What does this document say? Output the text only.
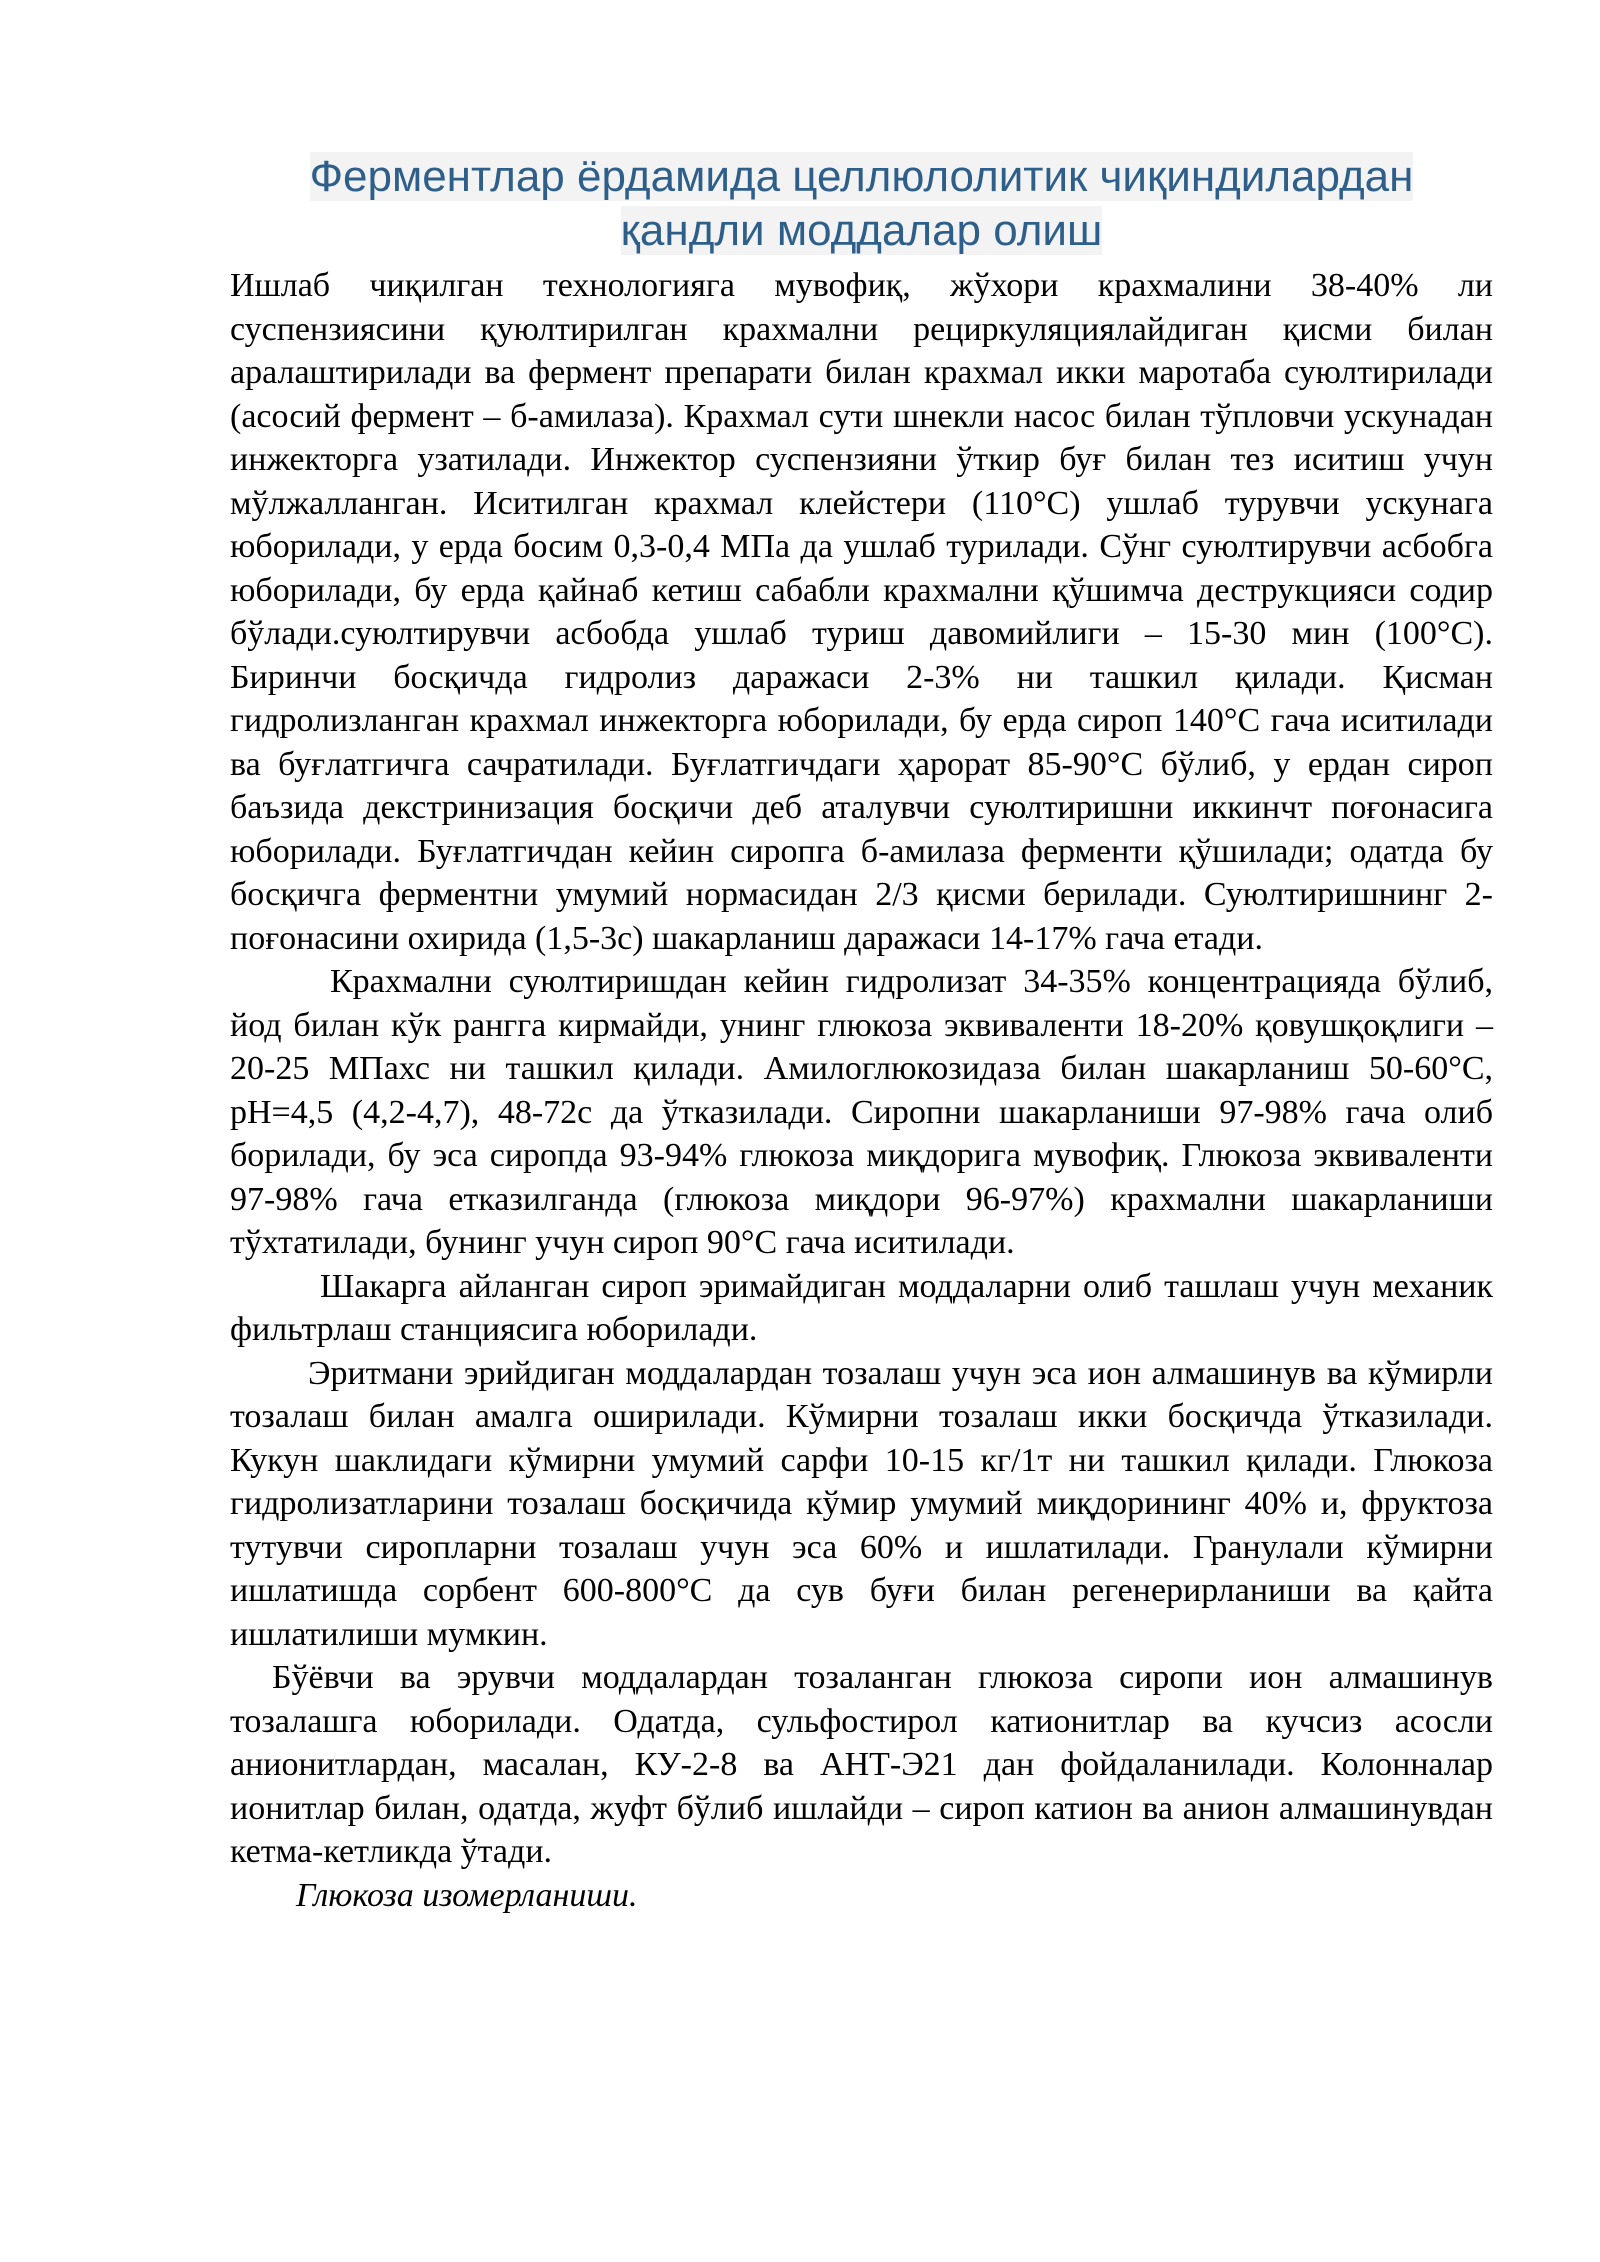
Ферментлар ёрдамида целлюлолитик чиқиндилардан
қандли моддалар олиш

Ишлаб чиқилган технологияга мувофиқ, жўхори крахмалини 38-40% ли суспензиясини қуюлтирилган крахмални рециркуляциялайдиган қисми билан аралаштирилади ва фермент препарати билан крахмал икки маротаба суюлтирилади (асосий фермент – б-амилаза). Крахмал сути шнекли насос билан тўпловчи ускунадан инжекторга узатилади. Инжектор суспензияни ўткир буғ билан тез иситиш учун мўлжалланган. Иситилган крахмал клейстери (110°С) ушлаб турувчи ускунага юборилади, у ерда босим 0,3-0,4 МПа да ушлаб турилади. Сўнг суюлтирувчи асбобга юборилади, бу ерда қайнаб кетиш сабабли крахмални қўшимча деструкцияси содир бўлади.суюлтирувчи асбобда ушлаб туриш давомийлиги – 15-30 мин (100°С). Биринчи босқичда гидролиз даражаси 2-3% ни ташкил қилади. Қисман гидролизланган крахмал инжекторга юборилади, бу ерда сироп 140°С гача иситилади ва буғлатгичга сачратилади. Буғлатгичдаги ҳарорат 85-90°С бўлиб, у ердан сироп баъзида декстринизация босқичи деб аталувчи суюлтиришни иккинчт поғонасига юборилади. Буғлатгичдан кейин сиропга б-амилаза ферменти қўшилади; одатда бу босқичга ферментни умумий нормасидан 2/3 қисми берилади. Суюлтиришнинг 2-поғонасини охирида (1,5-3с) шакарланиш даражаси 14-17% гача етади.

Крахмални суюлтиришдан кейин гидролизат 34-35% концентрацияда бўлиб, йод билан кўк рангга кирмайди, унинг глюкоза эквиваленти 18-20% қовушқоқлиги – 20-25 МПахс ни ташкил қилади. Амилоглюкозидаза билан шакарланиш 50-60°С, рН=4,5 (4,2-4,7), 48-72с да ўтказилади. Сиропни шакарланиши 97-98% гача олиб борилади, бу эса сиропда 93-94% глюкоза миқдорига мувофиқ. Глюкоза эквиваленти 97-98% гача етказилганда (глюкоза миқдори 96-97%) крахмални шакарланиши тўхтатилади, бунинг учун сироп 90°С гача иситилади.

Шакарга айланган сироп эримайдиган моддаларни олиб ташлаш учун механик фильтрлаш станциясига юборилади.

Эритмани эрийдиган моддалардан тозалаш учун эса ион алмашинув ва кўмирли тозалаш билан амалга оширилади. Кўмирни тозалаш икки босқичда ўтказилади. Кукун шаклидаги кўмирни умумий сарфи 10-15 кг/1т ни ташкил қилади. Глюкоза гидролизатларини тозалаш босқичида кўмир умумий миқдорининг 40% и, фруктоза тутувчи сиропларни тозалаш учун эса 60% и ишлатилади. Гранулали кўмирни ишлатишда сорбент 600-800°С да сув буғи билан регенерирланиши ва қайта ишлатилиши мумкин.

Бўёвчи ва эрувчи моддалардан тозаланган глюкоза сиропи ион алмашинув тозалашга юборилади. Одатда, сульфостирол катионитлар ва кучсиз асосли анионитлардан, масалан, КУ-2-8 ва АНТ-Э21 дан фойдаланилади. Колонналар ионитлар билан, одатда, жуфт бўлиб ишлайди – сироп катион ва анион алмашинувдан кетма-кетликда ўтади.

Глюкоза изомерланиши.
